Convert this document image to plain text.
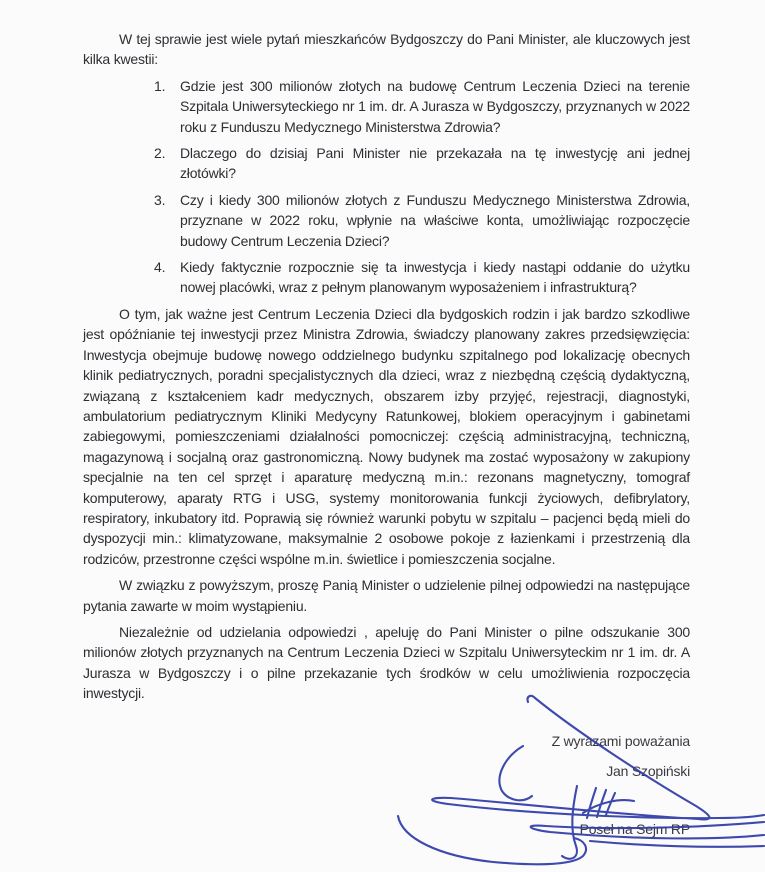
W tej sprawie jest wiele pytań mieszkańców Bydgoszczy do Pani Minister, ale kluczowych jest kilka kwestii:

1. Gdzie jest 300 milionów złotych na budowę Centrum Leczenia Dzieci na terenie Szpitala Uniwersyteckiego nr 1 im. dr. A Jurasza w Bydgoszczy, przyznanych w 2022 roku z Funduszu Medycznego Ministerstwa Zdrowia?
2. Dlaczego do dzisiaj Pani Minister nie przekazała na tę inwestycję ani jednej złotówki?
3. Czy i kiedy 300 milionów złotych z Funduszu Medycznego Ministerstwa Zdrowia, przyznane w 2022 roku, wpłynie na właściwe konta, umożliwiając rozpoczęcie budowy Centrum Leczenia Dzieci?
4. Kiedy faktycznie rozpocznie się ta inwestycja i kiedy nastąpi oddanie do użytku nowej placówki, wraz z pełnym planowanym wyposażeniem i infrastrukturą?

O tym, jak ważne jest Centrum Leczenia Dzieci dla bydgoskich rodzin i jak bardzo szkodliwe jest opóźnianie tej inwestycji przez Ministra Zdrowia, świadczy planowany zakres przedsięwzięcia: Inwestycja obejmuje budowę nowego oddzielnego budynku szpitalnego pod lokalizację obecnych klinik pediatrycznych, poradni specjalistycznych dla dzieci, wraz z niezbędną częścią dydaktyczną, związaną z kształceniem kadr medycznych, obszarem izby przyjęć, rejestracji, diagnostyki, ambulatorium pediatrycznym Kliniki Medycyny Ratunkowej, blokiem operacyjnym i gabinetami zabiegowymi, pomieszczeniami działalności pomocniczej: częścią administracyjną, techniczną, magazynową i socjalną oraz gastronomiczną. Nowy budynek ma zostać wyposażony w zakupiony specjalnie na ten cel sprzęt i aparaturę medyczną m.in.: rezonans magnetyczny, tomograf komputerowy, aparaty RTG i USG, systemy monitorowania funkcji życiowych, defibrylatory, respiratory, inkubatory itd. Poprawią się również warunki pobytu w szpitalu – pacjenci będą mieli do dyspozycji min.: klimatyzowane, maksymalnie 2 osobowe pokoje z łazienkami i przestrzenią dla rodziców, przestronne części wspólne m.in. świetlice i pomieszczenia socjalne.

W związku z powyższym, proszę Panią Minister o udzielenie pilnej odpowiedzi na następujące pytania zawarte w moim wystąpieniu.

Niezależnie od udzielania odpowiedzi , apeluję do Pani Minister o pilne odszukanie 300 milionów złotych przyznanych na Centrum Leczenia Dzieci w Szpitalu Uniwersyteckim nr 1 im. dr. A Jurasza w Bydgoszczy i o pilne przekazanie tych środków w celu umożliwienia rozpoczęcia inwestycji.

Z wyrazami poważania
Jan Szopiński
Poseł na Sejm RP
